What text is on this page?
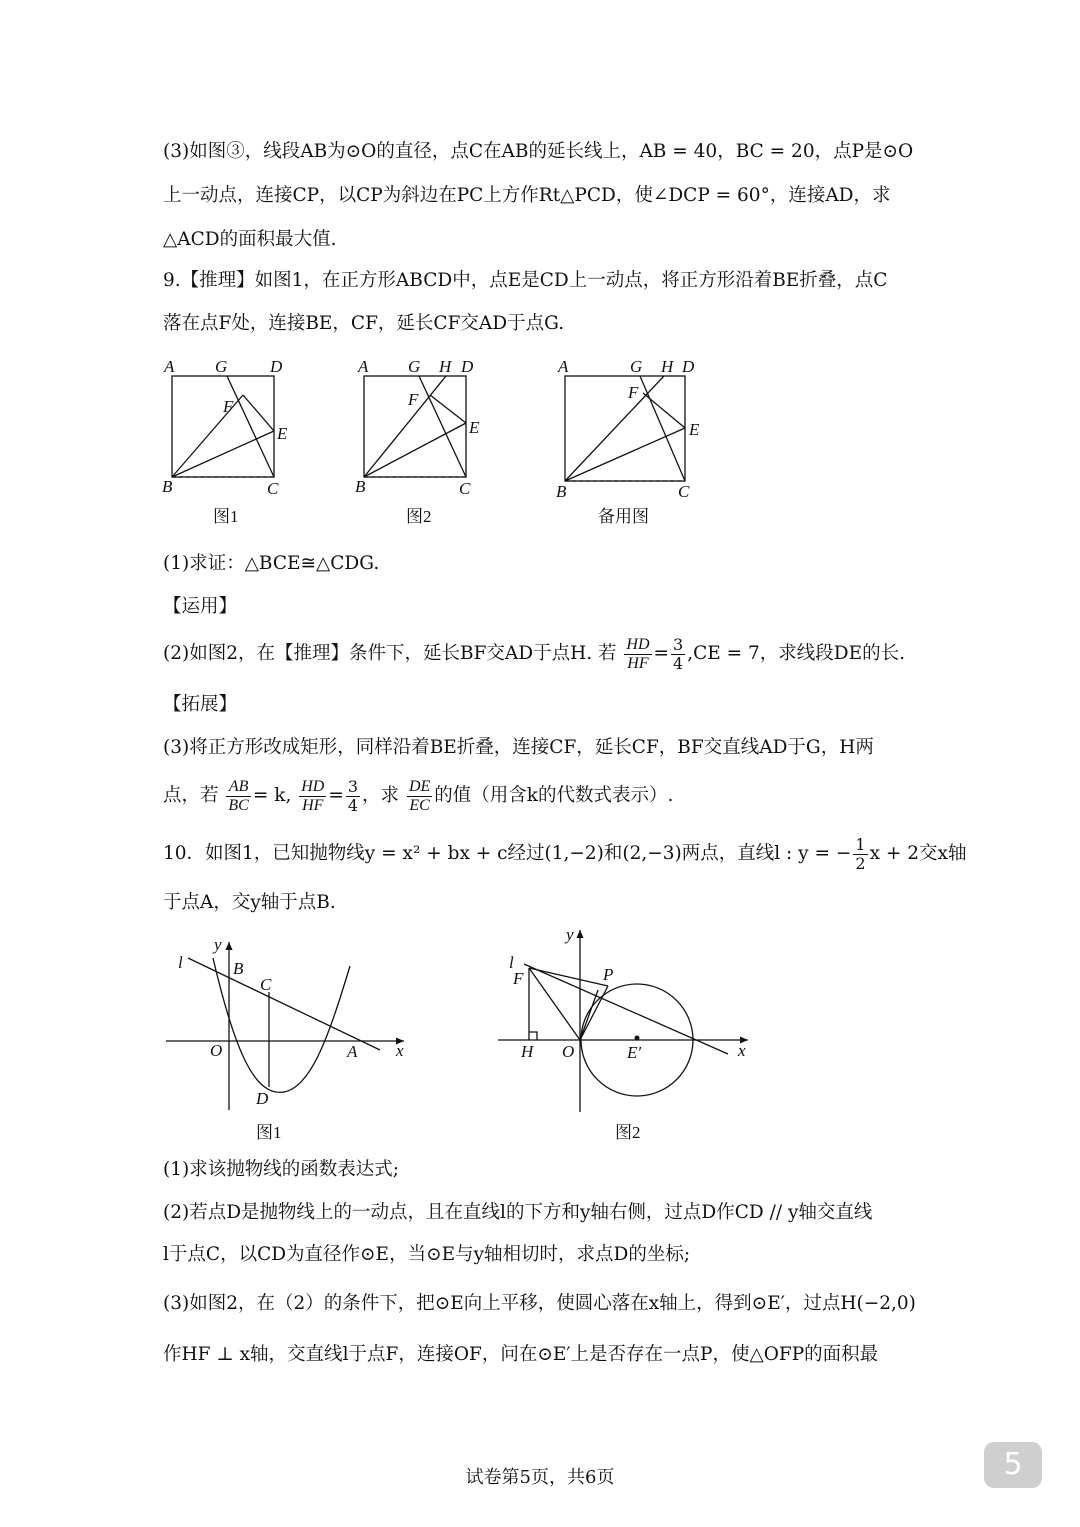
(3)如图③，线段AB为⊙O的直径，点C在AB的延长线上，AB = 40，BC = 20，点P是⊙O
上一动点，连接CP，以CP为斜边在PC上方作Rt△PCD，使∠DCP = 60°，连接AD，求
△ACD的面积最大值.
9.【推理】如图1，在正方形ABCD中，点E是CD上一动点，将正方形沿着BE折叠，点C
落在点F处，连接BE，CF，延长CF交AD于点G.
A G	D
F
E
B	C
图1
A G H D
F
E
B	C
图2
A	G H D
F
E
B	C
备用图
(1)求证：△BCE≅△CDG.
【运用】
(2)如图2，在【推理】条件下，延长BF交AD于点H. 若 $\frac{HD}{HF} = \frac{3}{4} ,CE = 7$，求线段DE的长.
【拓展】
(3)将正方形改成矩形，同样沿着BE折叠，连接CF，延长CF，BF交直线AD于G，H两
点，若 $\frac{AB}{BC} = k$, $\frac{HD}{HF} = \frac{3}{4}$ ，求 $\frac{DE}{EC}$ 的值（用含k的代数式表示）.
10．如图1，已知抛物线y = x² + bx + c经过(1,−2)和(2,−3)两点，直线l : y = − $\frac{1}{2}$ x + 2交x轴
于点A，交y轴于点B.
y
l	B
C
O	A x
D
图1
y
l
F	P
H O	E′	x
图2
(1)求该抛物线的函数表达式;
(2)若点D是抛物线上的一动点，且在直线l的下方和y轴右侧，过点D作CD // y轴交直线
l于点C，以CD为直径作⊙E，当⊙E与y轴相切时，求点D的坐标;
(3)如图2，在（2）的条件下，把⊙E向上平移，使圆心落在x轴上，得到⊙E′，过点H(−2,0)
作HF ⊥ x轴，交直线l于点F，连接OF，问在⊙E′上是否存在一点P，使△OFP的面积最
试卷第5页，共6页	5
